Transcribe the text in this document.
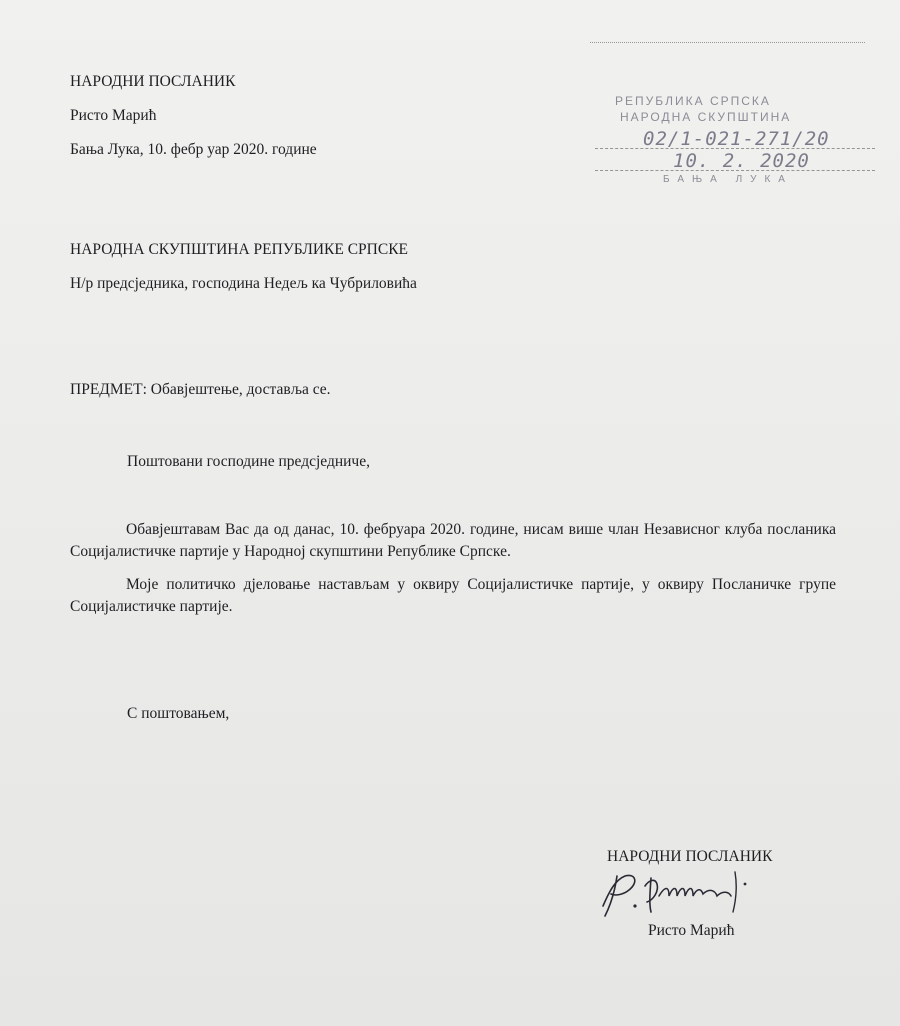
НАРОДНИ ПОСЛАНИК
Ристо Марић
Бања Лука, 10. фебр уар 2020. године
РЕПУБЛИКА СРПСКА
НАРОДНА СКУПШТИНА
02/1-021-271/20
10. 2. 2020
БАЊА ЛУКА
НАРОДНА СКУПШТИНА РЕПУБЛИКЕ СРПСКЕ
Н/р предсједника, господина Недељ ка Чубриловића
ПРЕДМЕТ: Обавјештење, доставља се.
Поштовани господине предсједниче,
Обавјештавам Вас да од данас, 10. фебруара 2020. године, нисам више члан Независног клуба посланика Социјалистичке партије у Народној скупштини Републике Српске.
Моје политичко дјеловање настављам у оквиру Социјалистичке партије, у оквиру Посланичке групе Социјалистичке партије.
С поштовањем,
НАРОДНИ ПОСЛАНИК
Ристо Марић
